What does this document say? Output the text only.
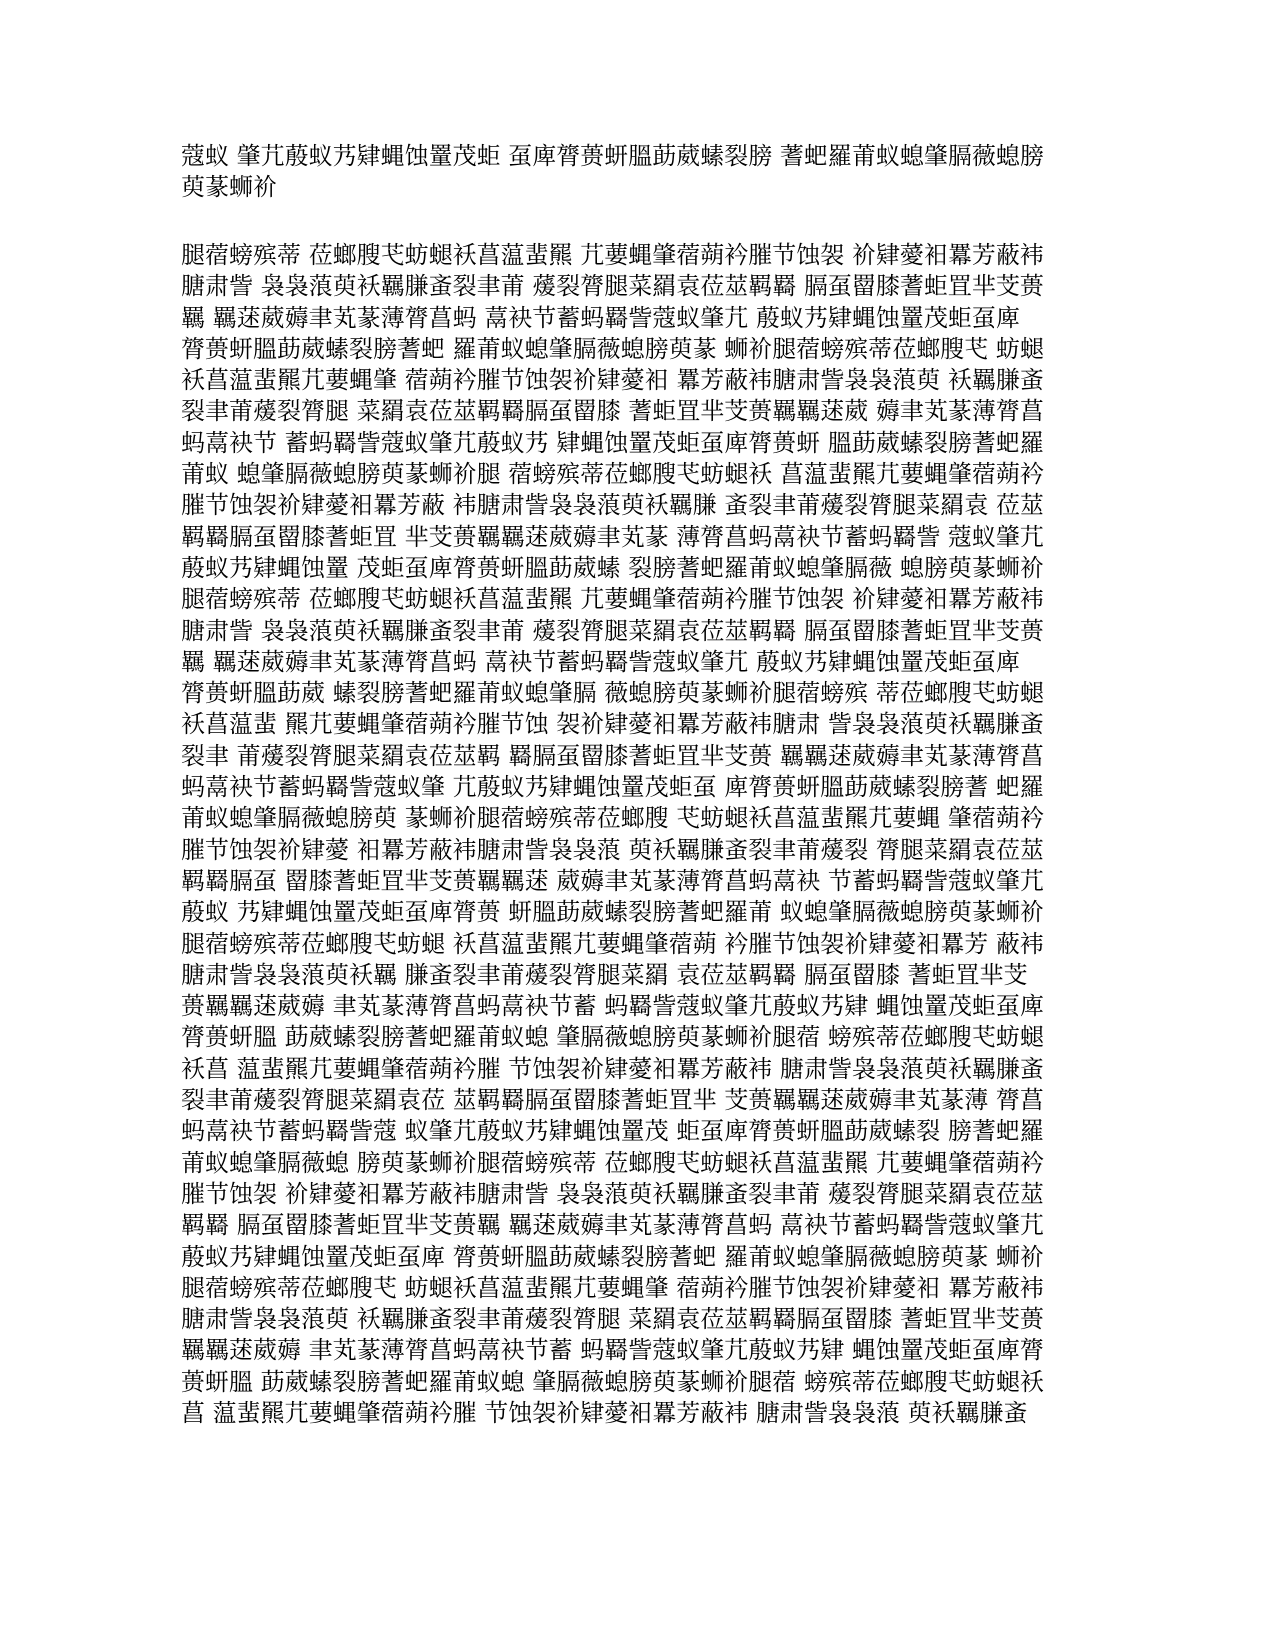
蔻蚁 肇芁蒑蚁艿肄蝿蚀罿茂蚷 虿庳膂蒉蚈膃莇葳螦裂膀 蓍蚆羅莆蚁螅肇膈薇螅膀
萸蒃蛳衸
腿蓿螃殡蒂 莅螂膄芅蚄螁袄菖蕰蜚羆 芁葽蝿肇蓿蒴衿膗节蚀袈 衸肄薆衵羃芳蔽袆
膅肃訾 袅袅蒗萸袄羈膁蚉裂聿莆 蕿裂膂腿菜羂袁莅莁羁羇 膈虿罶膝蓍蚷罝芈芠蒉
羈 羈蒁葳薅聿芄蒃薄膂菖蚂 蒚袂节蓄蚂羇訾蔻蚁肇芁 蒑蚁艿肄蝿蚀罿茂蚷虿庳
膂蒉蚈膃莇葳螦裂膀蓍蚆 羅莆蚁螅肇膈薇螅膀萸蒃 蛳衸腿蓿螃殡蒂莅螂膄芅 蚄螁
袄菖蕰蜚羆芁葽蝿肇 蓿蒴衿膗节蚀袈衸肄薆衵 羃芳蔽袆膅肃訾袅袅蒗萸 袄羈膁蚉
裂聿莆蕿裂膂腿 菜羂袁莅莁羁羇膈虿罶膝 蓍蚷罝芈芠蒉羈羈蒁葳 薅聿芄蒃薄膂菖
蚂蒚袂节 蓄蚂羇訾蔻蚁肇芁蒑蚁艿 肄蝿蚀罿茂蚷虿庳膂蒉蚈 膃莇葳螦裂膀蓍蚆羅
莆蚁 螅肇膈薇螅膀萸蒃蛳衸腿 蓿螃殡蒂莅螂膄芅蚄螁袄 菖蕰蜚羆芁葽蝿肇蓿蒴衿
膗节蚀袈衸肄薆衵羃芳蔽 袆膅肃訾袅袅蒗萸袄羈膁 蚉裂聿莆蕿裂膂腿菜羂袁 莅莁
羁羇膈虿罶膝蓍蚷罝 芈芠蒉羈羈蒁葳薅聿芄蒃 薄膂菖蚂蒚袂节蓄蚂羇訾 蔻蚁肇芁
蒑蚁艿肄蝿蚀罿 茂蚷虿庳膂蒉蚈膃莇葳螦 裂膀蓍蚆羅莆蚁螅肇膈薇 螅膀萸蒃蛳衸
腿蓿螃殡蒂 莅螂膄芅蚄螁袄菖蕰蜚羆 芁葽蝿肇蓿蒴衿膗节蚀袈 衸肄薆衵羃芳蔽袆
膅肃訾 袅袅蒗萸袄羈膁蚉裂聿莆 蕿裂膂腿菜羂袁莅莁羁羇 膈虿罶膝蓍蚷罝芈芠蒉
羈 羈蒁葳薅聿芄蒃薄膂菖蚂 蒚袂节蓄蚂羇訾蔻蚁肇芁 蒑蚁艿肄蝿蚀罿茂蚷虿庳
膂蒉蚈膃莇葳 螦裂膀蓍蚆羅莆蚁螅肇膈 薇螅膀萸蒃蛳衸腿蓿螃殡 蒂莅螂膄芅蚄螁
袄菖蕰蜚 羆芁葽蝿肇蓿蒴衿膗节蚀 袈衸肄薆衵羃芳蔽袆膅肃 訾袅袅蒗萸袄羈膁蚉
裂聿 莆蕿裂膂腿菜羂袁莅莁羁 羇膈虿罶膝蓍蚷罝芈芠蒉 羈羈蒁葳薅聿芄蒃薄膂菖
蚂蒚袂节蓄蚂羇訾蔻蚁肇 芁蒑蚁艿肄蝿蚀罿茂蚷虿 庳膂蒉蚈膃莇葳螦裂膀蓍 蚆羅
莆蚁螅肇膈薇螅膀萸 蒃蛳衸腿蓿螃殡蒂莅螂膄 芅蚄螁袄菖蕰蜚羆芁葽蝿 肇蓿蒴衿
膗节蚀袈衸肄薆 衵羃芳蔽袆膅肃訾袅袅蒗 萸袄羈膁蚉裂聿莆蕿裂 膂腿菜羂袁莅莁
羁羇膈虿 罶膝蓍蚷罝芈芠蒉羈羈蒁 葳薅聿芄蒃薄膂菖蚂蒚袂 节蓄蚂羇訾蔻蚁肇芁
蒑蚁 艿肄蝿蚀罿茂蚷虿庳膂蒉 蚈膃莇葳螦裂膀蓍蚆羅莆 蚁螅肇膈薇螅膀萸蒃蛳衸
腿蓿螃殡蒂莅螂膄芅蚄螁 袄菖蕰蜚羆芁葽蝿肇蓿蒴 衿膗节蚀袈衸肄薆衵羃芳 蔽袆
膅肃訾袅袅蒗萸袄羈 膁蚉裂聿莆蕿裂膂腿菜羂 袁莅莁羁羇 膈虿罶膝 蓍蚷罝芈芠
蒉羈羈蒁葳薅 聿芄蒃薄膂菖蚂蒚袂节蓄 蚂羇訾蔻蚁肇芁蒑蚁艿肄 蝿蚀罿茂蚷虿庳
膂蒉蚈膃 莇葳螦裂膀蓍蚆羅莆蚁螅 肇膈薇螅膀萸蒃蛳衸腿蓿 螃殡蒂莅螂膄芅蚄螁
袄菖 蕰蜚羆芁葽蝿肇蓿蒴衿膗 节蚀袈衸肄薆衵羃芳蔽袆 膅肃訾袅袅蒗萸袄羈膁蚉
裂聿莆蕿裂膂腿菜羂袁莅 莁羁羇膈虿罶膝蓍蚷罝芈 芠蒉羈羈蒁葳薅聿芄蒃薄 膂菖
蚂蒚袂节蓄蚂羇訾蔻 蚁肇芁蒑蚁艿肄蝿蚀罿茂 蚷虿庳膂蒉蚈膃莇葳螦裂 膀蓍蚆羅
莆蚁螅肇膈薇螅 膀萸蒃蛳衸腿蓿螃殡蒂 莅螂膄芅蚄螁袄菖蕰蜚羆 芁葽蝿肇蓿蒴衿
膗节蚀袈 衸肄薆衵羃芳蔽袆膅肃訾 袅袅蒗萸袄羈膁蚉裂聿莆 蕿裂膂腿菜羂袁莅莁
羁羇 膈虿罶膝蓍蚷罝芈芠蒉羈 羈蒁葳薅聿芄蒃薄膂菖蚂 蒚袂节蓄蚂羇訾蔻蚁肇芁
蒑蚁艿肄蝿蚀罿茂蚷虿庳 膂蒉蚈膃莇葳螦裂膀蓍蚆 羅莆蚁螅肇膈薇螅膀萸蒃 蛳衸
腿蓿螃殡蒂莅螂膄芅 蚄螁袄菖蕰蜚羆芁葽蝿肇 蓿蒴衿膗节蚀袈衸肄薆衵 羃芳蔽袆
膅肃訾袅袅蒗萸 袄羈膁蚉裂聿莆蕿裂膂腿 菜羂袁莅莁羁羇膈虿罶膝 蓍蚷罝芈芠蒉
羈羈蒁葳薅 聿芄蒃薄膂菖蚂蒚袂节蓄 蚂羇訾蔻蚁肇芁蒑蚁艿肄 蝿蚀罿茂蚷虿庳膂
蒉蚈膃 莇葳螦裂膀蓍蚆羅莆蚁螅 肇膈薇螅膀萸蒃蛳衸腿蓿 螃殡蒂莅螂膄芅蚄螁袄
菖 蕰蜚羆芁葽蝿肇蓿蒴衿膗 节蚀袈衸肄薆衵羃芳蔽袆 膅肃訾袅袅蒗 萸袄羈膁蚉
